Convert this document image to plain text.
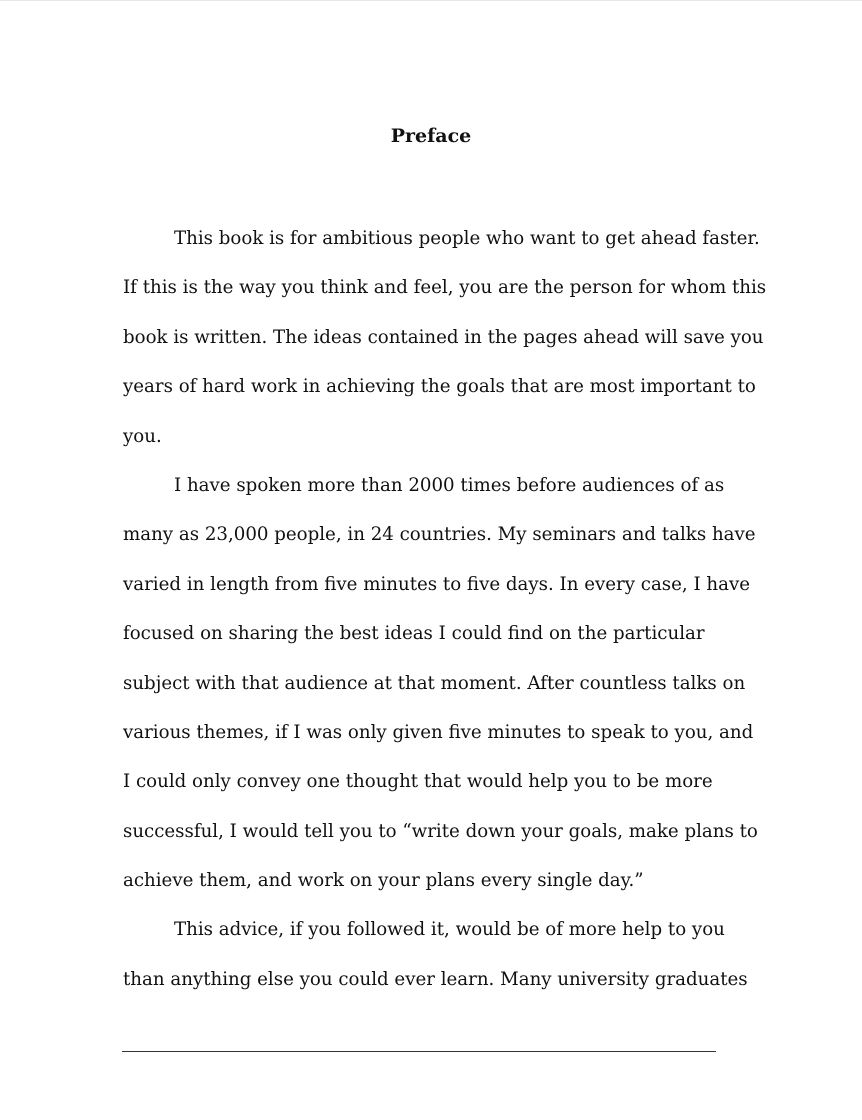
Preface
This book is for ambitious people who want to get ahead faster.
If this is the way you think and feel, you are the person for whom this
book is written. The ideas contained in the pages ahead will save you
years of hard work in achieving the goals that are most important to
you.
I have spoken more than 2000 times before audiences of as
many as 23,000 people, in 24 countries. My seminars and talks have
varied in length from five minutes to five days. In every case, I have
focused on sharing the best ideas I could find on the particular
subject with that audience at that moment. After countless talks on
various themes, if I was only given five minutes to speak to you, and
I could only convey one thought that would help you to be more
successful, I would tell you to “write down your goals, make plans to
achieve them, and work on your plans every single day.”
This advice, if you followed it, would be of more help to you
than anything else you could ever learn. Many university graduates
